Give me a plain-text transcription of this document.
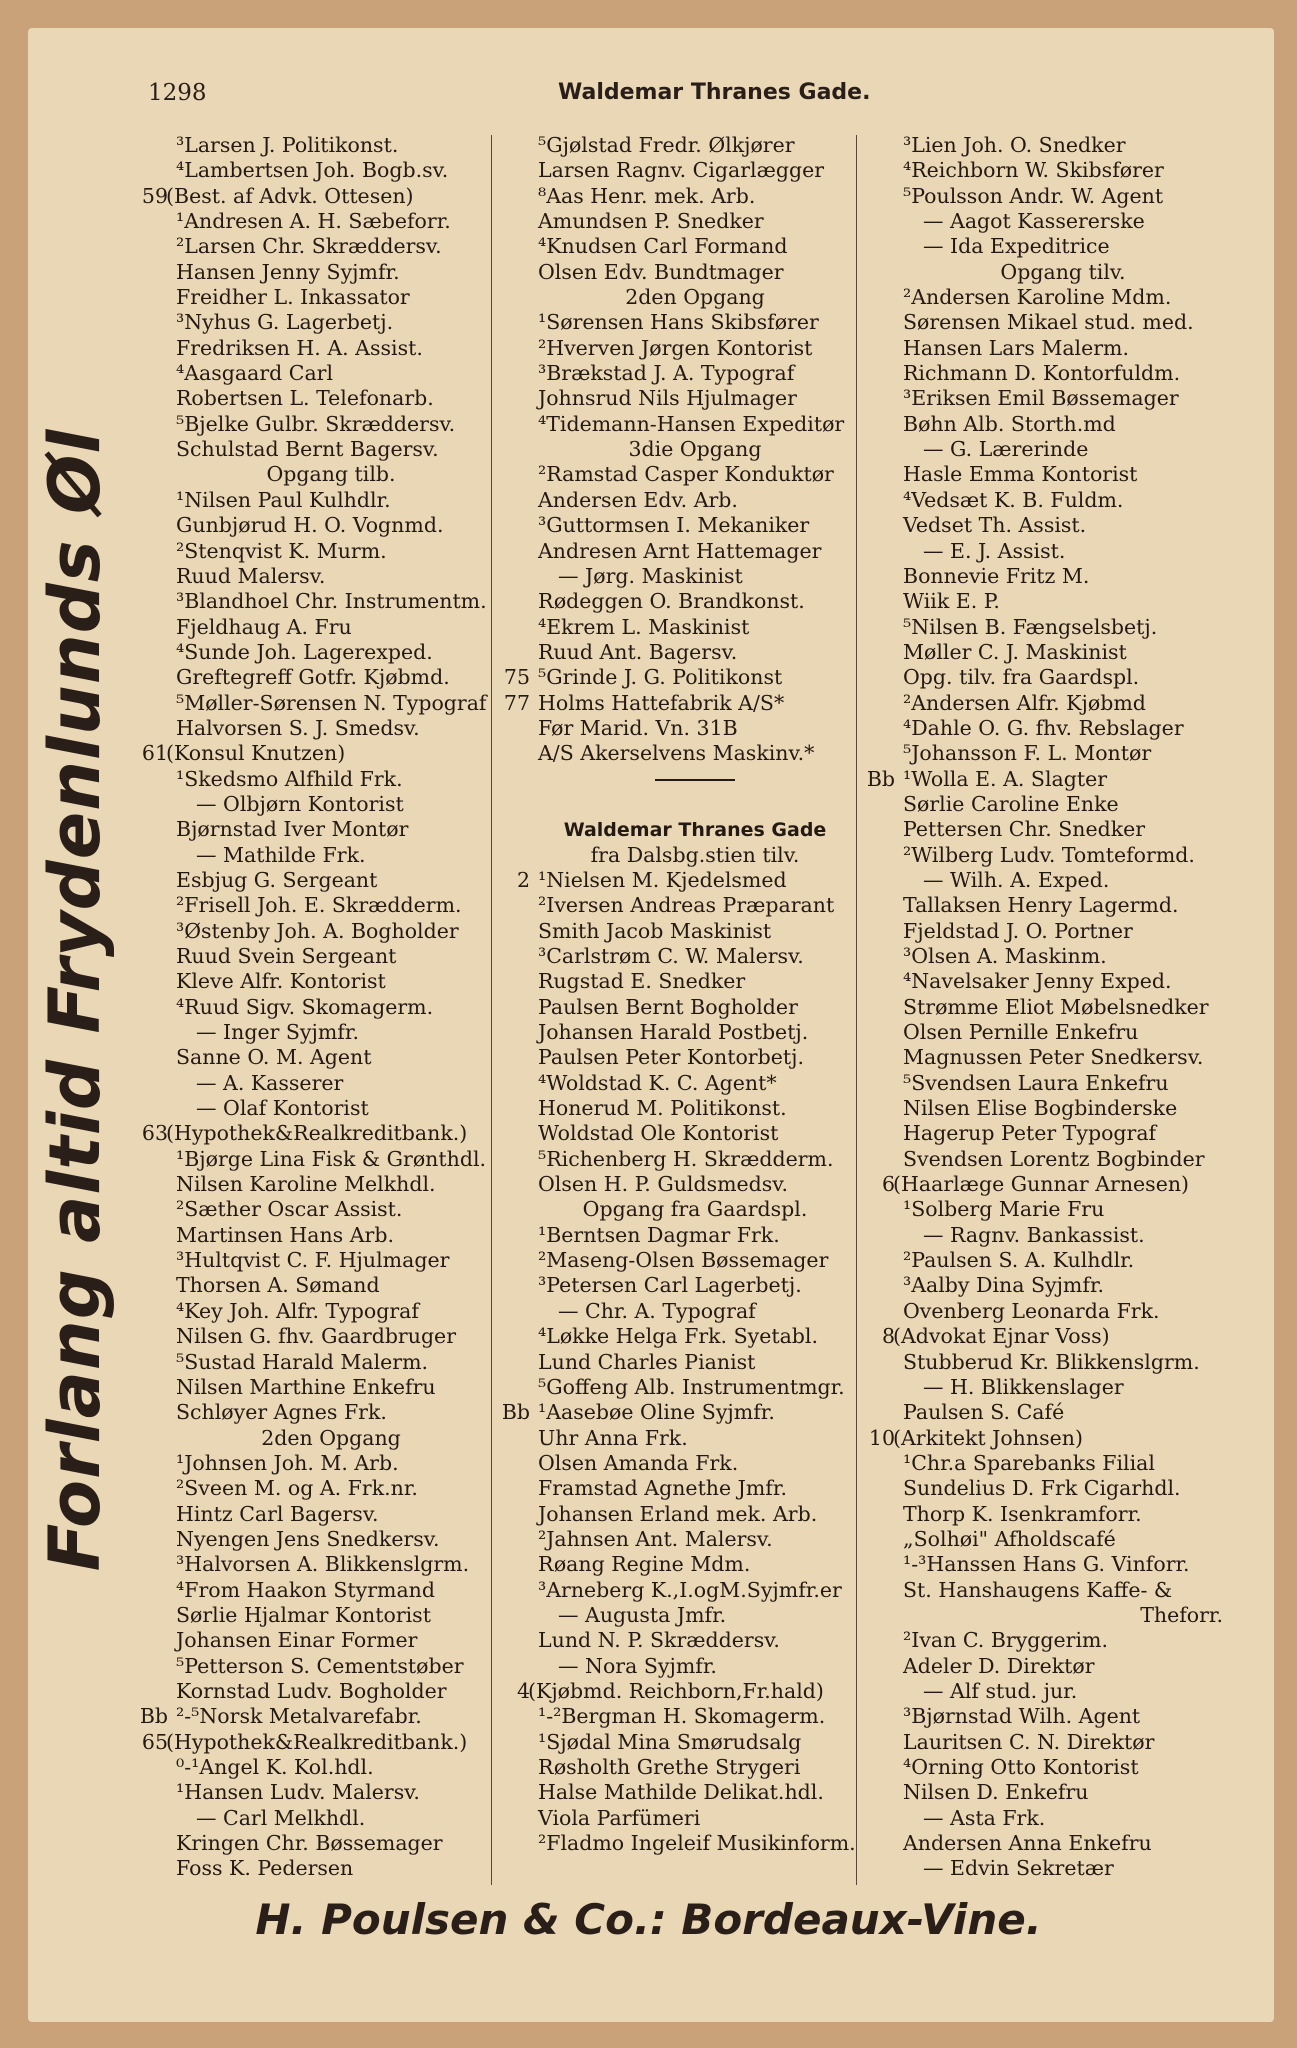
1298	Waldemar Thranes Gade.
Forlang altid Frydenlunds Øl
³Larsen J. Politikonst.
⁴Lambertsen Joh. Bogb.sv.
59
(Best. af Advk. Ottesen)
¹Andresen A. H. Sæbeforr.
²Larsen Chr. Skræddersv.
Hansen Jenny Syjmfr.
Freidher L. Inkassator
³Nyhus G. Lagerbetj.
Fredriksen H. A. Assist.
⁴Aasgaard Carl
Robertsen L. Telefonarb.
⁵Bjelke Gulbr. Skræddersv.
Schulstad Bernt Bagersv.
Opgang tilb.
¹Nilsen Paul Kulhdlr.
Gunbjørud H. O. Vognmd.
²Stenqvist K. Murm.
Ruud Malersv.
³Blandhoel Chr. Instrumentm.
Fjeldhaug A. Fru
⁴Sunde Joh. Lagerexped.
Greftegreff Gotfr. Kjøbmd.
⁵Møller-Sørensen N. Typograf
Halvorsen S. J. Smedsv.
61
(Konsul Knutzen)
¹Skedsmo Alfhild Frk.
— Olbjørn Kontorist
Bjørnstad Iver Montør
— Mathilde Frk.
Esbjug G. Sergeant
²Frisell Joh. E. Skrædderm.
³Østenby Joh. A. Bogholder
Ruud Svein Sergeant
Kleve Alfr. Kontorist
⁴Ruud Sigv. Skomagerm.
— Inger Syjmfr.
Sanne O. M. Agent
— A. Kasserer
— Olaf Kontorist
63
(Hypothek&Realkreditbank.)
¹Bjørge Lina Fisk & Grønthdl.
Nilsen Karoline Melkhdl.
²Sæther Oscar Assist.
Martinsen Hans Arb.
³Hultqvist C. F. Hjulmager
Thorsen A. Sømand
⁴Key Joh. Alfr. Typograf
Nilsen G. fhv. Gaardbruger
⁵Sustad Harald Malerm.
Nilsen Marthine Enkefru
Schløyer Agnes Frk.
2den Opgang
¹Johnsen Joh. M. Arb.
²Sveen M. og A. Frk.nr.
Hintz Carl Bagersv.
Nyengen Jens Snedkersv.
³Halvorsen A. Blikkenslgrm.
⁴From Haakon Styrmand
Sørlie Hjalmar Kontorist
Johansen Einar Former
⁵Petterson S. Cementstøber
Kornstad Ludv. Bogholder
Bb ²-⁵Norsk Metalvarefabr.
65
(Hypothek&Realkreditbank.)
⁰-¹Angel K. Kol.hdl.
¹Hansen Ludv. Malersv.
— Carl Melkhdl.
Kringen Chr. Bøssemager
Foss K. Pedersen
⁵Gjølstad Fredr. Ølkjører
Larsen Ragnv. Cigarlægger
⁸Aas Henr. mek. Arb.
Amundsen P. Snedker
⁴Knudsen Carl Formand
Olsen Edv. Bundtmager
2den Opgang
¹Sørensen Hans Skibsfører
²Hverven Jørgen Kontorist
³Brækstad J. A. Typograf
Johnsrud Nils Hjulmager
⁴Tidemann-Hansen Expeditør
3die Opgang
²Ramstad Casper Konduktør
Andersen Edv. Arb.
³Guttormsen I. Mekaniker
Andresen Arnt Hattemager
— Jørg. Maskinist
Rødeggen O. Brandkonst.
⁴Ekrem L. Maskinist
Ruud Ant. Bagersv.
75 ⁵Grinde J. G. Politikonst
77 Holms Hattefabrik A/S*
Før Marid. Vn. 31B
A/S Akerselvens Maskinv.*
Waldemar Thranes Gade
fra Dalsbg.stien tilv.
2 ¹Nielsen M. Kjedelsmed
²Iversen Andreas Præparant
Smith Jacob Maskinist
³Carlstrøm C. W. Malersv.
Rugstad E. Snedker
Paulsen Bernt Bogholder
Johansen Harald Postbetj.
Paulsen Peter Kontorbetj.
⁴Woldstad K. C. Agent*
Honerud M. Politikonst.
Woldstad Ole Kontorist
⁵Richenberg H. Skrædderm.
Olsen H. P. Guldsmedsv.
Opgang fra Gaardspl.
¹Berntsen Dagmar Frk.
²Maseng-Olsen Bøssemager
³Petersen Carl Lagerbetj.
— Chr. A. Typograf
⁴Løkke Helga Frk. Syetabl.
Lund Charles Pianist
⁵Goffeng Alb. Instrumentmgr.
Bb ¹Aasebøe Oline Syjmfr.
Uhr Anna Frk.
Olsen Amanda Frk.
Framstad Agnethe Jmfr.
Johansen Erland mek. Arb.
²Jahnsen Ant. Malersv.
Røang Regine Mdm.
³Arneberg K.,I.ogM.Syjmfr.er
— Augusta Jmfr.
Lund N. P. Skræddersv.
— Nora Syjmfr.
4
(Kjøbmd. Reichborn,Fr.hald)
¹-²Bergman H. Skomagerm.
¹Sjødal Mina Smørudsalg
Røsholth Grethe Strygeri
Halse Mathilde Delikat.hdl.
Viola Parfümeri
²Fladmo Ingeleif Musikinform.
³Lien Joh. O. Snedker
⁴Reichborn W. Skibsfører
⁵Poulsson Andr. W. Agent
— Aagot Kassererske
— Ida Expeditrice
Opgang tilv.
²Andersen Karoline Mdm.
Sørensen Mikael stud. med.
Hansen Lars Malerm.
Richmann D. Kontorfuldm.
³Eriksen Emil Bøssemager
Bøhn Alb. Storth.md
— G. Lærerinde
Hasle Emma Kontorist
⁴Vedsæt K. B. Fuldm.
Vedset Th. Assist.
— E. J. Assist.
Bonnevie Fritz M.
Wiik E. P.
⁵Nilsen B. Fængselsbetj.
Møller C. J. Maskinist
Opg. tilv. fra Gaardspl.
²Andersen Alfr. Kjøbmd
⁴Dahle O. G. fhv. Rebslager
⁵Johansson F. L. Montør
Bb ¹Wolla E. A. Slagter
Sørlie Caroline Enke
Pettersen Chr. Snedker
²Wilberg Ludv. Tomteformd.
— Wilh. A. Exped.
Tallaksen Henry Lagermd.
Fjeldstad J. O. Portner
³Olsen A. Maskinm.
⁴Navelsaker Jenny Exped.
Strømme Eliot Møbelsnedker
Olsen Pernille Enkefru
Magnussen Peter Snedkersv.
⁵Svendsen Laura Enkefru
Nilsen Elise Bogbinderske
Hagerup Peter Typograf
Svendsen Lorentz Bogbinder
6
(Haarlæge Gunnar Arnesen)
¹Solberg Marie Fru
— Ragnv. Bankassist.
²Paulsen S. A. Kulhdlr.
³Aalby Dina Syjmfr.
Ovenberg Leonarda Frk.
8
(Advokat Ejnar Voss)
Stubberud Kr. Blikkenslgrm.
— H. Blikkenslager
Paulsen S. Café
10
(Arkitekt Johnsen)
¹Chr.a Sparebanks Filial
Sundelius D. Frk Cigarhdl.
Thorp K. Isenkramforr.
„Solhøi" Afholdscafé
¹-³Hanssen Hans G. Vinforr.
St. Hanshaugens Kaffe- &
Theforr.
²Ivan C. Bryggerim.
Adeler D. Direktør
— Alf stud. jur.
³Bjørnstad Wilh. Agent
Lauritsen C. N. Direktør
⁴Orning Otto Kontorist
Nilsen D. Enkefru
— Asta Frk.
Andersen Anna Enkefru
— Edvin Sekretær
H. Poulsen & Co.: Bordeaux-Vine.
